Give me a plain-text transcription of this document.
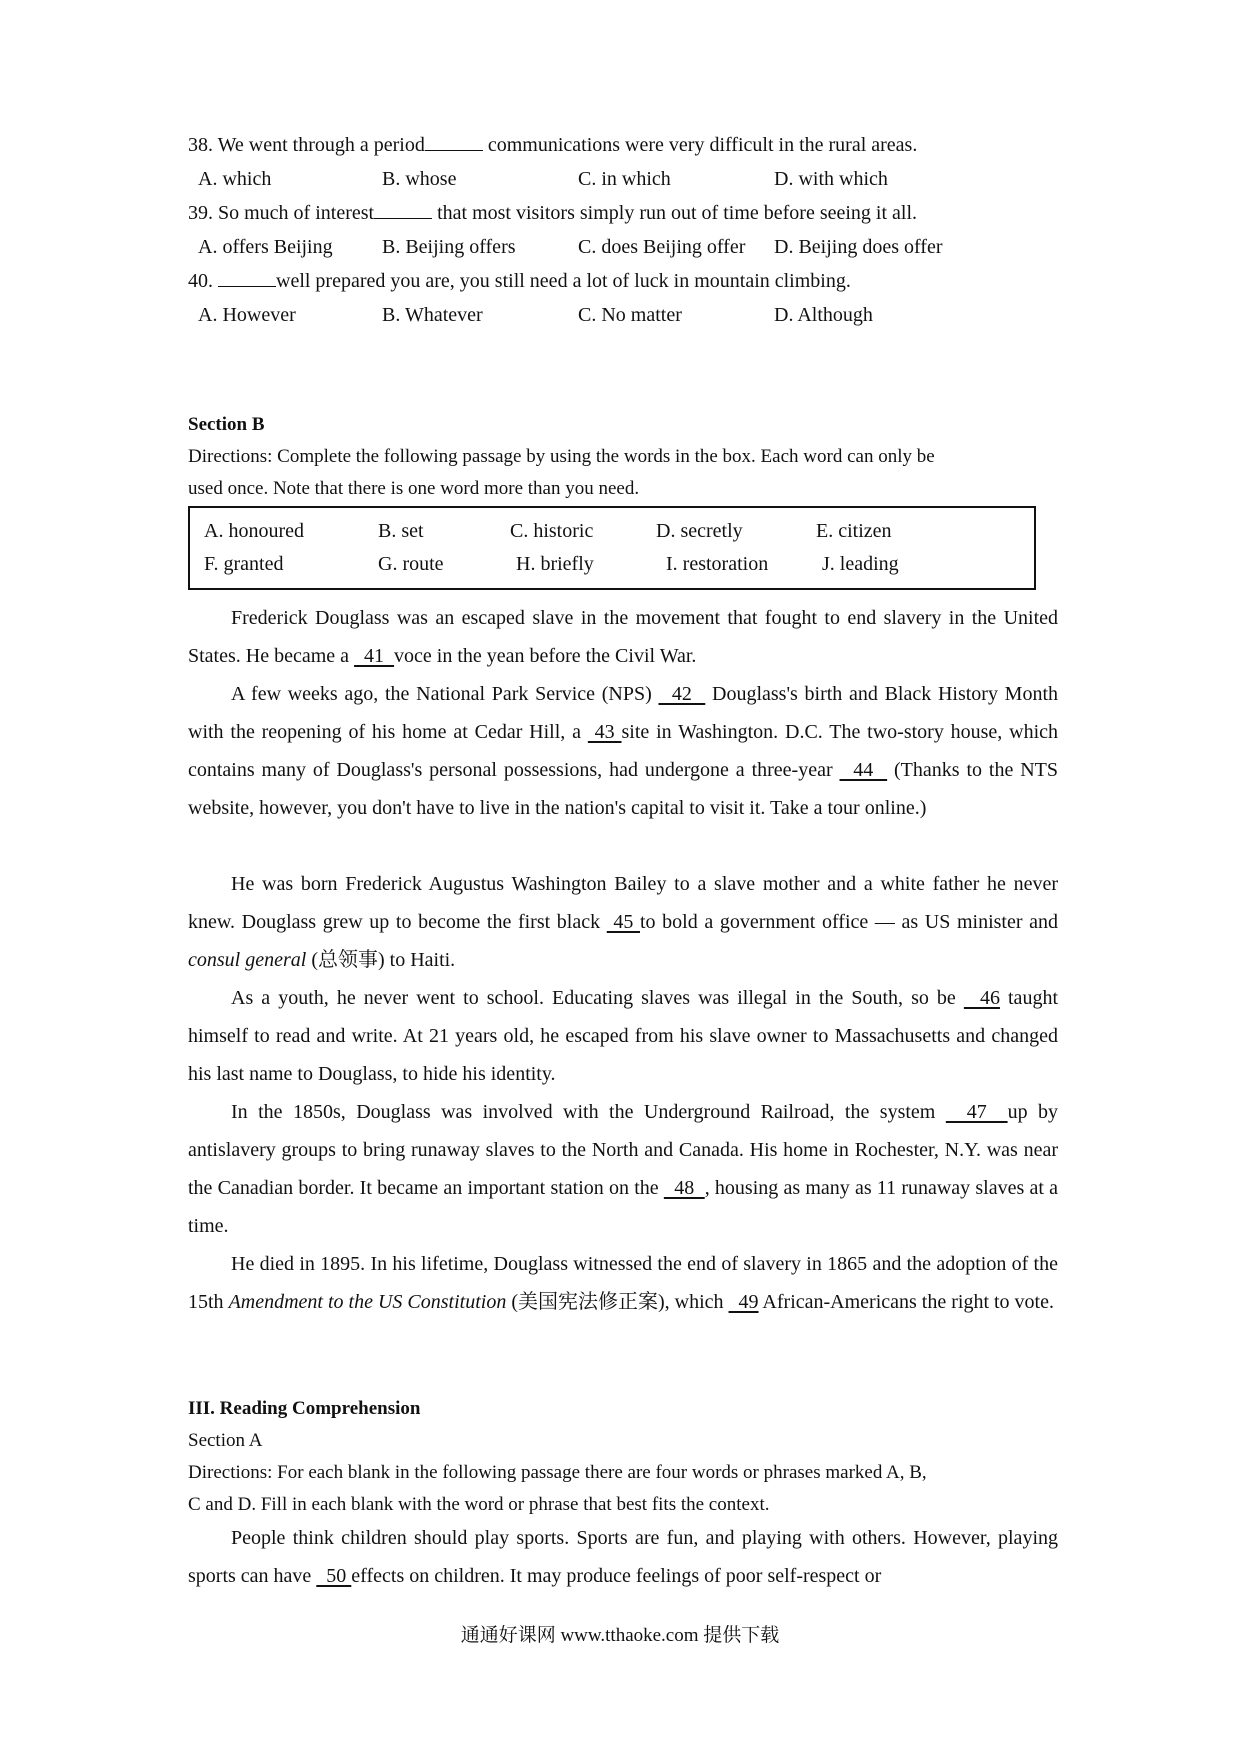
38. We went through a period	communications were very difficult in the rural areas.
A. which	B. whose	C. in which	D. with which
39. So much of interest	that most visitors simply run out of time before seeing it all.
A. offers Beijing B. Beijing offers	C. does Beijing offer D. Beijing does offer
40.	well prepared you are, you still need a lot of luck in mountain climbing.
A. However	B. Whatever	C. No matter	D. Although
Section B
Directions: Complete the following passage by using the words in the box. Each word can only be
used once. Note that there is one word more than you need.
A. honoured	B. set	C. historic	D. secretly	E. citizen
F. granted	G. route	H. briefly	I. restoration	J. leading
Frederick Douglass was an escaped slave in the movement that fought to end slavery in the United States. He became a   41  voce in the yean before the Civil War.
A few weeks ago, the National Park Service (NPS)   42   Douglass's birth and Black History Month with the reopening of his home at Cedar Hill, a  43 site in Washington. D.C. The two-story house, which contains many of Douglass's personal possessions, had undergone a three-year   44   (Thanks to the NTS website, however, you don't have to live in the nation's capital to visit it. Take a tour online.)
He was born Frederick Augustus Washington Bailey to a slave mother and a white father he never knew. Douglass grew up to become the first black  45 to bold a government office — as US minister and consul general (总领事) to Haiti.
As a youth, he never went to school. Educating slaves was illegal in the South, so be   46 taught himself to read and write. At 21 years old, he escaped from his slave owner to Massachusetts and changed his last name to Douglass, to hide his identity.
In the 1850s, Douglass was involved with the Underground Railroad, the system   47  up by antislavery groups to bring runaway slaves to the North and Canada. His home in Rochester, N.Y. was near the Canadian border. It became an important station on the   48  , housing as many as 11 runaway slaves at a time.
He died in 1895. In his lifetime, Douglass witnessed the end of slavery in 1865 and the adoption of the 15th Amendment to the US Constitution (美国宪法修正案), which   49 African-Americans the right to vote.
III. Reading Comprehension
Section A
Directions: For each blank in the following passage there are four words or phrases marked A, B,
C and D. Fill in each blank with the word or phrase that best fits the context.
People think children should play sports. Sports are fun, and playing with others. However, playing sports can have   50 effects on children. It may produce feelings of poor self-respect or
通通好课网 www.tthaoke.com 提供下载
